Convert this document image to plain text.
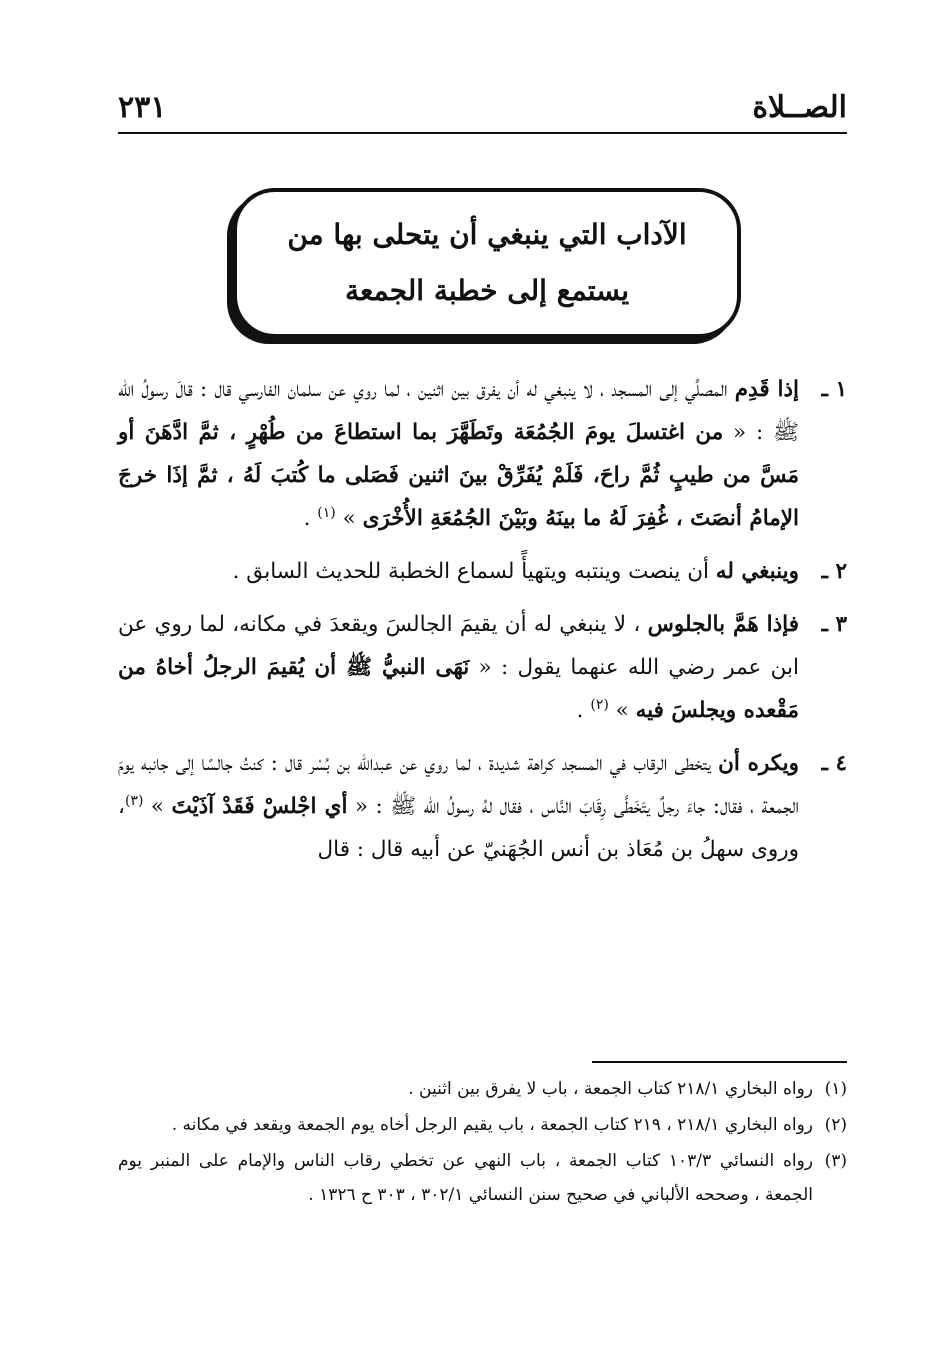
الصــلاة
٢٣١
الآداب التي ينبغي أن يتحلى بها من
يستمع إلى خطبة الجمعة
١ ـ
إذا قَدِم المصلِّي إلى المسجد ، لا ينبغي له أن يفرق بين اثنين ، لما روي عن سلمان الفارسي قال : قالَ رسولُ الله ﷺ : « من اغتسلَ يومَ الجُمُعَة وتَطَهَّرَ بما استطاعَ من طُهْرٍ ، ثمَّ ادَّهَنَ أو مَسَّ من طيبٍ ثُمَّ راحَ، فَلَمْ يُفَرِّقْ بينَ اثنين فَصَلى ما كُتبَ لَهُ ، ثمَّ إذَا خرجَ الإمامُ أنصَتَ ، غُفِرَ لَهُ ما بينَهُ وبَيْنَ الجُمُعَةِ الأُخْرَى » $^{(١)}$ .
٢ ـ
وينبغي له أن ينصت وينتبه ويتهيأً لسماع الخطبة للحديث السابق .
٣ ـ
فإذا هَمَّ بالجلوس ، لا ينبغي له أن يقيمَ الجالسَ ويقعدَ في مكانه، لما روي عن ابن عمر رضي الله عنهما يقول : « نَهَى النبيُّ ﷺ أن يُقيمَ الرجلُ أخاهُ من مَقْعده ويجلسَ فيه » $^{(٢)}$ .
٤ ـ
ويكره أن يتخطى الرقاب في المسجد كراهة شديدة ، لما روي عن عبدالله بن بُسْر قال : كنتُ جالسًا إلى جانبه يومَ الجمعة ، فقال: جاءَ رجلٌ يتَخَطَّى رِقَابَ النَّاس ، فقال لهُ رسولُ الله ﷺ : « أي اجْلسْ فَقَدْ آذَيْتَ » $^{(٣)}$، وروى سهلُ بن مُعَاذ بن أنس الجُهَنيّ عن أبيه قال : قال
(١)
رواه البخاري ٢١٨/١ كتاب الجمعة ، باب لا يفرق بين اثنين .
(٢)
رواه البخاري ٢١٨/١ ، ٢١٩ كتاب الجمعة ، باب يقيم الرجل أخاه يوم الجمعة ويقعد في مكانه .
(٣)
رواه النسائي ١٠٣/٣ كتاب الجمعة ، باب النهي عن تخطي رقاب الناس والإمام على المنبر يوم الجمعة ، وصححه الألباني في صحيح سنن النسائي ٣٠٢/١ ، ٣٠٣ ح ١٣٢٦ .
